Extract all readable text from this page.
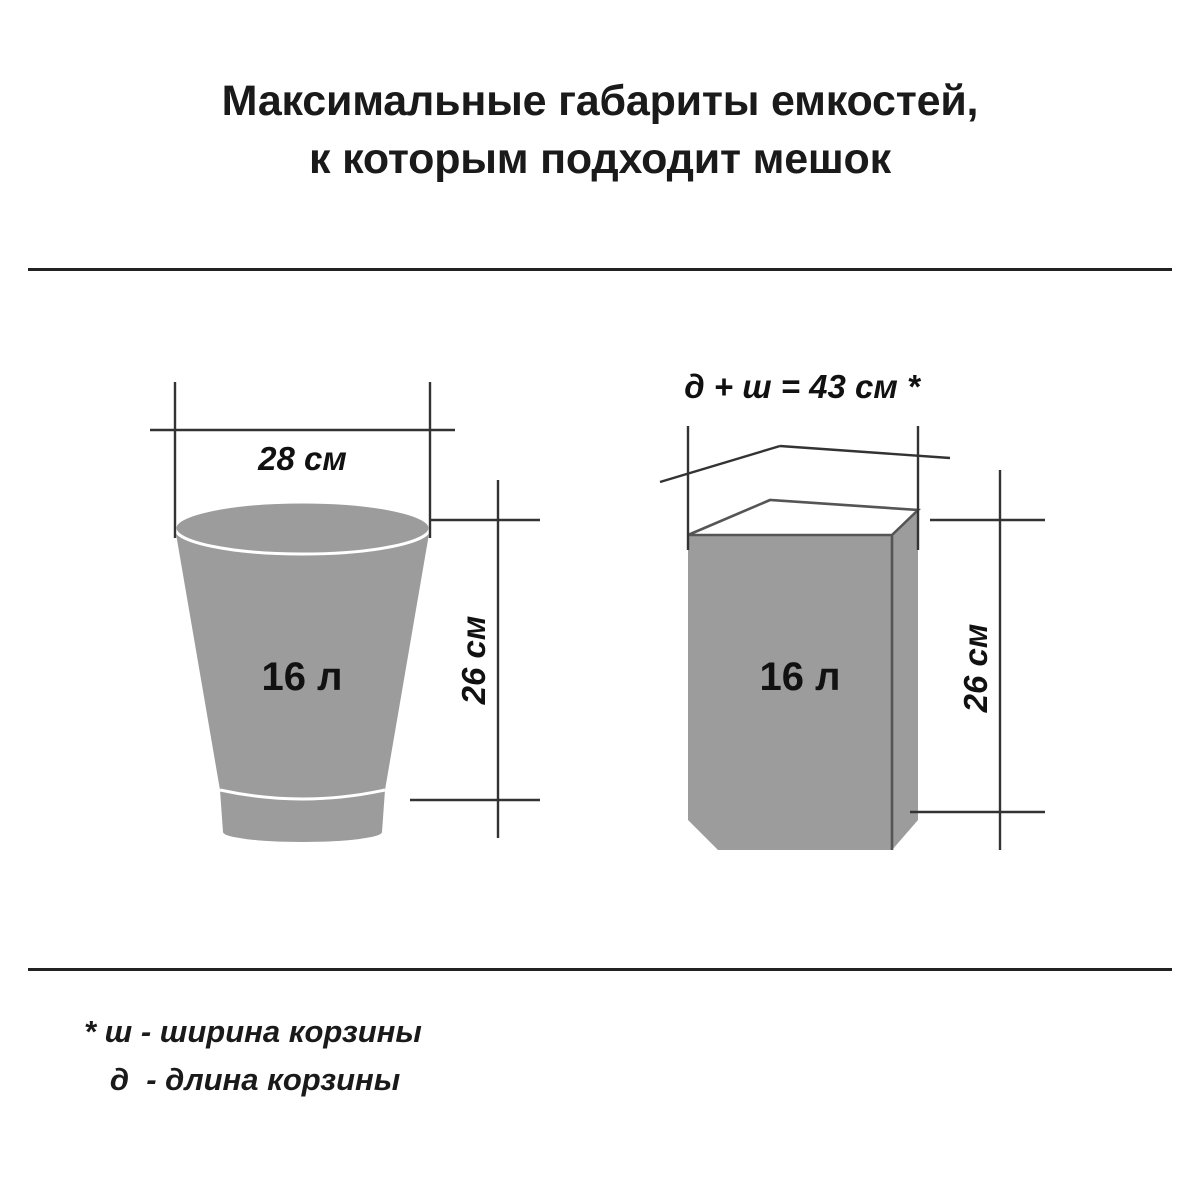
Максимальные габариты емкостей,
к которым подходит мешок
28 см
26 см
16 л
д + ш = 43 см *
26 см
16 л
* ш - ширина корзины
д  - длина корзины
